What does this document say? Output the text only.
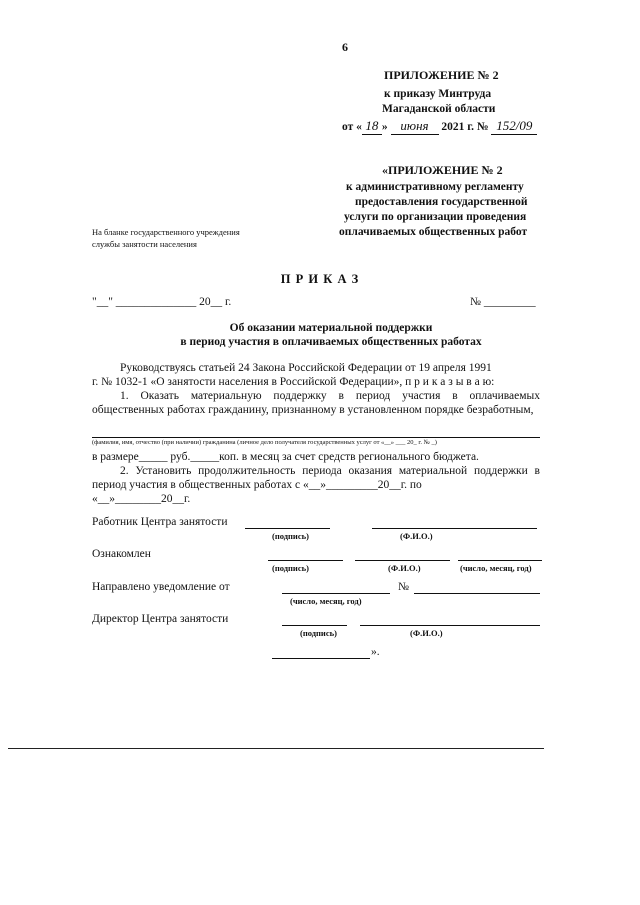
6
ПРИЛОЖЕНИЕ № 2
к приказу Минтруда
Магаданской области
от « 18 » июня 2021 г. № 152/09
«ПРИЛОЖЕНИЕ № 2
к административному регламенту
предоставления государственной
услуги по организации проведения
оплачиваемых общественных работ
На бланке государственного учреждения
службы занятости населения
П Р И К А З
"__" ______________ 20__ г.	№ _________
Об оказании материальной поддержки
в период участия в оплачиваемых общественных работах
Руководствуясь статьей 24 Закона Российской Федерации от 19 апреля 1991
г. № 1032-1 «О занятости населения в Российской Федерации», п р и к а з ы в а ю:
1. Оказать материальную поддержку в период участия в оплачиваемых общественных работах гражданину, признанному в установленном порядке безработным,
(фамилия, имя, отчество (при наличии) гражданина (личное дело получателя государственных услуг от «__» ___ 20_ г. № _)
в размере_____ руб._____коп. в месяц за счет средств регионального бюджета.
2. Установить продолжительность периода оказания материальной поддержки в период участия в общественных работах с «__»_________20__г. по
«__»________20__г.
Работник Центра занятости
(подпись)	(Ф.И.О.)
Ознакомлен
(подпись)	(Ф.И.О.)	(число, месяц, год)
Направлено уведомление от	№
(число, месяц, год)
Директор Центра занятости
(подпись)	(Ф.И.О.)
».
